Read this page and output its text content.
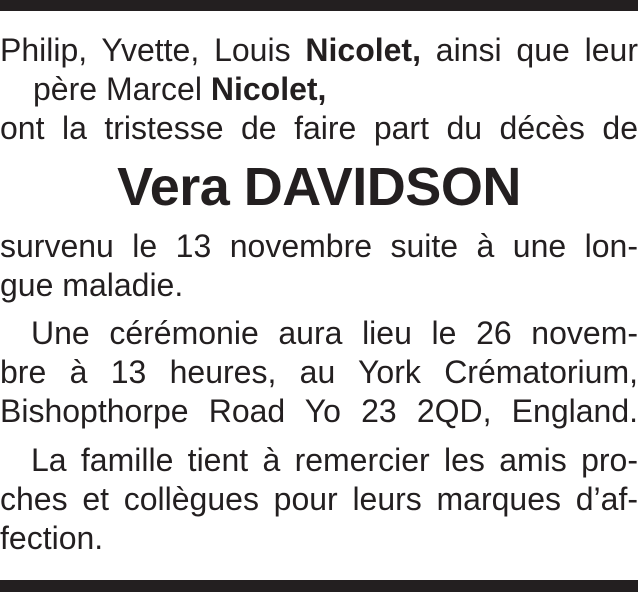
Philip, Yvette, Louis Nicolet, ainsi que leur
père Marcel Nicolet,
ont la tristesse de faire part du décès de
Vera DAVIDSON
survenu le 13 novembre suite à une lon-
gue maladie.
Une cérémonie aura lieu le 26 novem-
bre à 13 heures, au York Crématorium,
Bishopthorpe Road Yo 23 2QD, England.
La famille tient à remercier les amis pro-
ches et collègues pour leurs marques d’af-
fection.
